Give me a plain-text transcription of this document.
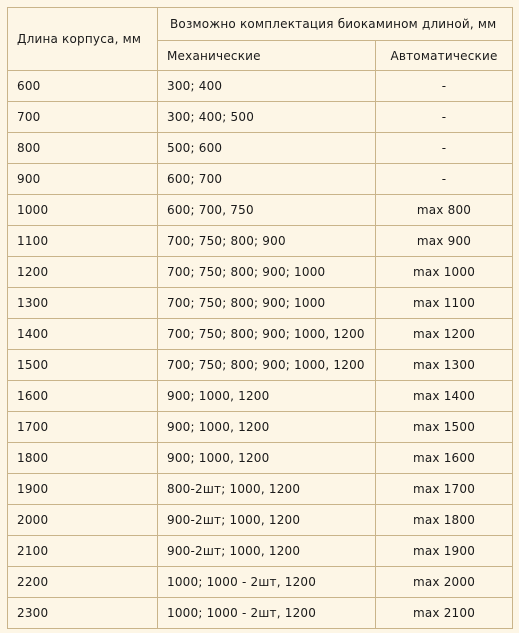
Длина корпуса, мм	Возможно комплектация биокамином длиной, мм	
	Механические	Автоматические
600	300; 400	-
700	300; 400; 500	-
800	500; 600	-
900	600; 700	-
1000	600; 700, 750	max 800
1100	700; 750; 800; 900	max 900
1200	700; 750; 800; 900; 1000	max 1000
1300	700; 750; 800; 900; 1000	max 1100
1400	700; 750; 800; 900; 1000, 1200	max 1200
1500	700; 750; 800; 900; 1000, 1200	max 1300
1600	900; 1000, 1200	max 1400
1700	900; 1000, 1200	max 1500
1800	900; 1000, 1200	max 1600
1900	800-2шт; 1000, 1200	max 1700
2000	900-2шт; 1000, 1200	max 1800
2100	900-2шт; 1000, 1200	max 1900
2200	1000; 1000 - 2шт, 1200	max 2000
2300	1000; 1000 - 2шт, 1200	max 2100
